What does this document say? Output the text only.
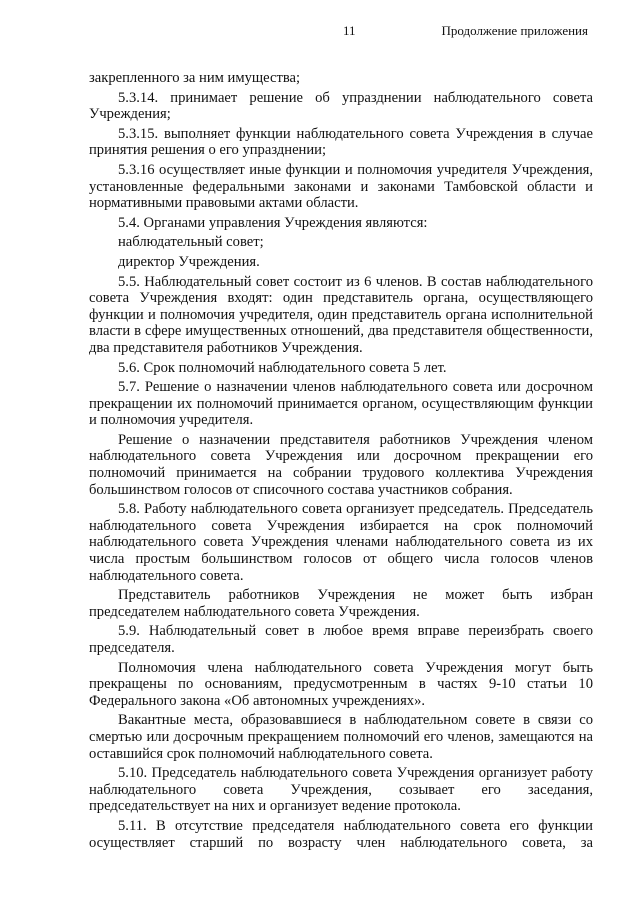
11	Продолжение приложения

закрепленного за ним имущества;

5.3.14. принимает решение об упразднении наблюдательного совета Учреждения;

5.3.15. выполняет функции наблюдательного совета Учреждения в случае принятия решения о его упразднении;

5.3.16 осуществляет иные функции и полномочия учредителя Учреждения, установленные федеральными законами и законами Тамбовской области и нормативными правовыми актами области.

5.4. Органами управления Учреждения являются:

наблюдательный совет;

директор Учреждения.

5.5. Наблюдательный совет состоит из 6 членов. В состав наблюдательного совета Учреждения входят: один представитель органа, осуществляющего функции и полномочия учредителя, один представитель органа исполнительной власти в сфере имущественных отношений, два представителя общественности, два представителя работников Учреждения.

5.6. Срок полномочий наблюдательного совета 5 лет.

5.7. Решение о назначении членов наблюдательного совета или досрочном прекращении их полномочий принимается органом, осуществляющим функции и полномочия учредителя.

Решение о назначении представителя работников Учреждения членом наблюдательного совета Учреждения или досрочном прекращении его полномочий принимается на собрании трудового коллектива Учреждения большинством голосов от списочного состава участников собрания.

5.8. Работу наблюдательного совета организует председатель. Председатель наблюдательного совета Учреждения избирается на срок полномочий наблюдательного совета Учреждения членами наблюдательного совета из их числа простым большинством голосов от общего числа голосов членов наблюдательного совета.

Представитель работников Учреждения не может быть избран председателем наблюдательного совета Учреждения.

5.9. Наблюдательный совет в любое время вправе переизбрать своего председателя.

Полномочия члена наблюдательного совета Учреждения могут быть прекращены по основаниям, предусмотренным в частях 9-10 статьи 10 Федерального закона «Об автономных учреждениях».

Вакантные места, образовавшиеся в наблюдательном совете в связи со смертью или досрочным прекращением полномочий его членов, замещаются на оставшийся срок полномочий наблюдательного совета.

5.10. Председатель наблюдательного совета Учреждения организует работу наблюдательного совета Учреждения, созывает его заседания, председательствует на них и организует ведение протокола.

5.11. В отсутствие председателя наблюдательного совета его функции осуществляет старший по возрасту член наблюдательного совета, за
